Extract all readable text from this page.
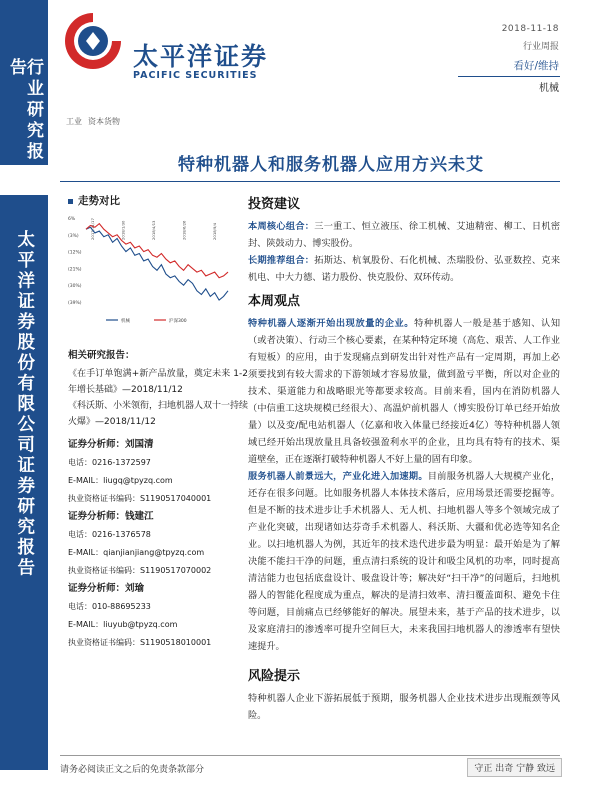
行业研究报告
太平洋证券股份有限公司证券研究报告
太平洋证券
PACIFIC SECURITIES
2018-11-18
行业周报
看好/维持
机械
工业 资本货物
特种机器人和服务机器人应用方兴未艾
走势对比
6%
(3%)
(12%)
(21%)
(30%)
(39%)
2017/11/17	2018/1/30	2018/4/13	2018/6/26	2018/9/4
机械	沪深300
相关研究报告：
《在手订单饱满+新产品放量，奠定未来 1-2 年增长基础》—2018/11/12
《科沃斯、小米领衔，扫地机器人双十一持续火爆》—2018/11/12
证券分析师：刘国清
电话：0216-1372597
E-MAIL：liugq@tpyzq.com
执业资格证书编码：S1190517040001
证券分析师：钱建江
电话：0216-1376578
E-MAIL：qianjianjiang@tpyzq.com
执业资格证书编码：S1190517070002
证券分析师：刘瑜
电话：010-88695233
E-MAIL：liuyub@tpyzq.com
执业资格证书编码：S1190518010001
投资建议
本周核心组合：三一重工、恒立液压、徐工机械、艾迪精密、柳工、日机密封、陕鼓动力、博实股份。
长期推荐组合：拓斯达、杭氧股份、石化机械、杰瑞股份、弘亚数控、克来机电、中大力德、诺力股份、快克股份、双环传动。
本周观点
特种机器人逐渐开始出现放量的企业。特种机器人一般是基于感知、认知（或者决策）、行动三个核心要素，在某种特定环境（高危、艰苦、人工作业有短板）的应用，由于发现痛点到研发出针对性产品有一定周期，再加上必须要找到有较大需求的下游领域才容易放量，做到盈亏平衡，所以对企业的技术、渠道能力和战略眼光等都要求较高。目前来看，国内在消防机器人（中信重工这块规模已经很大）、高温炉前机器人（博实股份订单已经开始放量）以及变/配电站机器人（亿嘉和收入体量已经接近4亿）等特种机器人领域已经开始出现放量且具备较强盈利水平的企业，且均具有特有的技术、渠道壁垒，正在逐渐打破特种机器人不好上量的固有印象。
服务机器人前景远大，产业化进入加速期。目前服务机器人大规模产业化，还存在很多问题。比如服务机器人本体技术落后，应用场景还需要挖掘等。但是不断的技术进步让手术机器人、无人机、扫地机器人等多个领域完成了产业化突破，出现诸如达芬奇手术机器人、科沃斯、大疆和优必选等知名企业。以扫地机器人为例，其近年的技术迭代进步最为明显：最开始是为了解决能不能扫干净的问题，重点清扫系统的设计和吸尘风机的功率，同时提高清洁能力也包括底盘设计、吸盘设计等；解决好“扫干净”的问题后，扫地机器人的智能化程度成为重点，解决的是清扫效率、清扫覆盖面积、避免卡住等问题，目前痛点已经够能好的解决。展望未来，基于产品的技术进步，以及家庭清扫的渗透率可提升空间巨大，未来我国扫地机器人的渗透率有望快速提升。
风险提示
特种机器人企业下游拓展低于预期，服务机器人企业技术进步出现瓶颈等风险。
请务必阅读正文之后的免责条款部分	守正 出奇 宁静 致远
